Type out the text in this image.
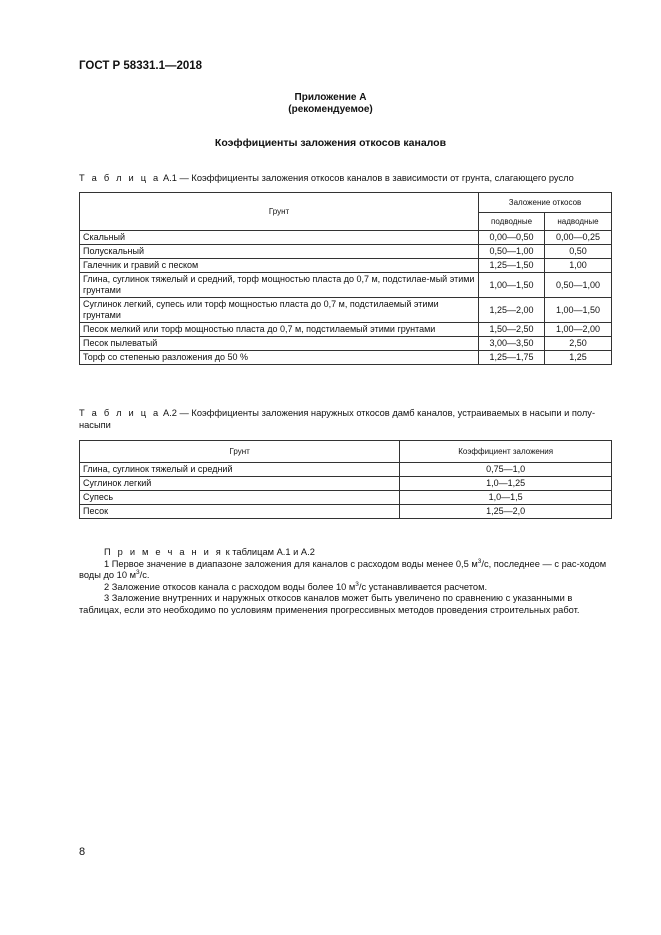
ГОСТ Р 58331.1—2018
Приложение А
(рекомендуемое)
Коэффициенты заложения откосов каналов
Т а б л и ц а А.1 — Коэффициенты заложения откосов каналов в зависимости от грунта, слагающего русло
Грунт	Заложение откосов	
	подводные	надводные
Скальный	0,00—0,50	0,00—0,25
Полускальный	0,50—1,00	0,50
Галечник и гравий с песком	1,25—1,50	1,00
Глина, суглинок тяжелый и средний, торф мощностью пласта до 0,7 м, подстилае-мый этими грунтами	1,00—1,50	0,50—1,00
Суглинок легкий, супесь или торф мощностью пласта до 0,7 м, подстилаемый этими грунтами	1,25—2,00	1,00—1,50
Песок мелкий или торф мощностью пласта до 0,7 м, подстилаемый этими грунтами	1,50—2,50	1,00—2,00
Песок пылеватый	3,00—3,50	2,50
Торф со степенью разложения до 50 %	1,25—1,75	1,25
Т а б л и ц а А.2 — Коэффициенты заложения наружных откосов дамб каналов, устраиваемых в насыпи и полу-насыпи
Грунт	Коэффициент заложения
Глина, суглинок тяжелый и средний	0,75—1,0
Суглинок легкий	1,0—1,25
Супесь	1,0—1,5
Песок	1,25—2,0

П р и м е ч а н и я к таблицам А.1 и А.2

1 Первое значение в диапазоне заложения для каналов с расходом воды менее 0,5 $м^3/с$, последнее — с рас-ходом воды до 10 $м^3/с$.

2 Заложение откосов канала с расходом воды более 10 $м^3/с$ устанавливается расчетом.

3 Заложение внутренних и наружных откосов каналов может быть увеличено по сравнению с указанными в таблицах, если это необходимо по условиям применения прогрессивных методов проведения строительных работ.

8
